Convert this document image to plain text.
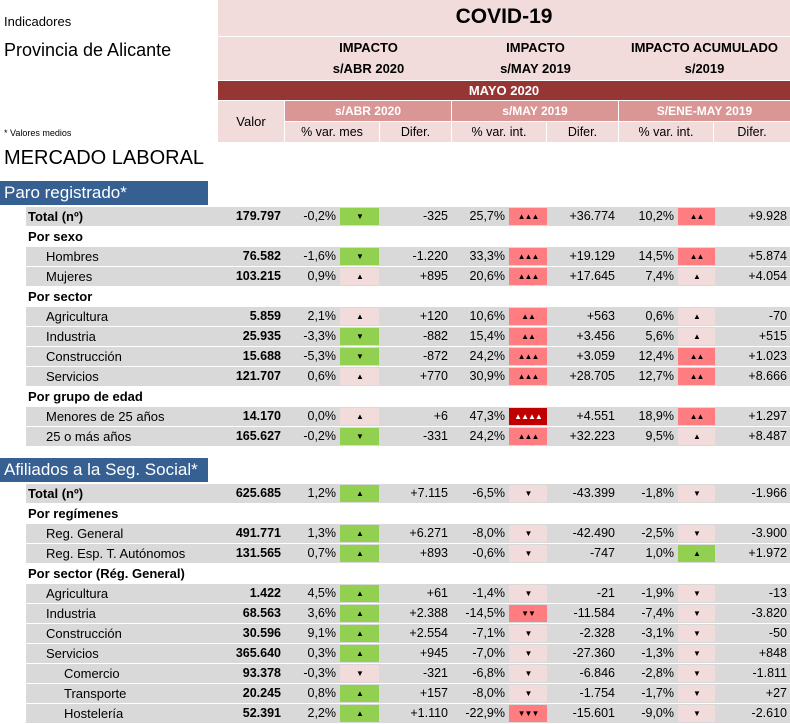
Indicadores
Provincia de Alicante
* Valores medios
MERCADO LABORAL
COVID-19
IMPACTO
s/ABR 2020
IMPACTO
s/MAY 2019
IMPACTO ACUMULADO
s/2019
MAYO 2020
Valor
s/ABR 2020	s/MAY 2019	S/ENE-MAY 2019
% var. mes	Difer.	% var. int.	Difer.	% var. int.	Difer.
Paro registrado*
Total (nº)	179.797	-0,2%	▼	-325	25,7%	▲▲▲	+36.774	10,2%	▲▲	+9.928
Por sexo
Hombres	76.582	-1,6%	▼	-1.220	33,3%	▲▲▲	+19.129	14,5%	▲▲	+5.874
Mujeres	103.215	0,9%	▲	+895	20,6%	▲▲▲	+17.645	7,4%	▲	+4.054
Por sector
Agricultura	5.859	2,1%	▲	+120	10,6%	▲▲	+563	0,6%	▲	-70
Industria	25.935	-3,3%	▼	-882	15,4%	▲▲	+3.456	5,6%	▲	+515
Construcción	15.688	-5,3%	▼	-872	24,2%	▲▲▲	+3.059	12,4%	▲▲	+1.023
Servicios	121.707	0,6%	▲	+770	30,9%	▲▲▲	+28.705	12,7%	▲▲	+8.666
Por grupo de edad
Menores de 25 años	14.170	0,0%	▲	+6	47,3%	▲▲▲▲	+4.551	18,9%	▲▲	+1.297
25 o más años	165.627	-0,2%	▼	-331	24,2%	▲▲▲	+32.223	9,5%	▲	+8.487
Afiliados a la Seg. Social*
Total (nº)	625.685	1,2%	▲	+7.115	-6,5%	▼	-43.399	-1,8%	▼	-1.966
Por regímenes
Reg. General	491.771	1,3%	▲	+6.271	-8,0%	▼	-42.490	-2,5%	▼	-3.900
Reg. Esp. T. Autónomos	131.565	0,7%	▲	+893	-0,6%	▼	-747	1,0%	▲	+1.972
Por sector (Rég. General)
Agricultura	1.422	4,5%	▲	+61	-1,4%	▼	-21	-1,9%	▼	-13
Industria	68.563	3,6%	▲	+2.388	-14,5%	▼▼	-11.584	-7,4%	▼	-3.820
Construcción	30.596	9,1%	▲	+2.554	-7,1%	▼	-2.328	-3,1%	▼	-50
Servicios	365.640	0,3%	▲	+945	-7,0%	▼	-27.360	-1,3%	▼	+848
Comercio	93.378	-0,3%	▼	-321	-6,8%	▼	-6.846	-2,8%	▼	-1.811
Transporte	20.245	0,8%	▲	+157	-8,0%	▼	-1.754	-1,7%	▼	+27
Hostelería	52.391	2,2%	▲	+1.110	-22,9%	▼▼▼	-15.601	-9,0%	▼	-2.610
